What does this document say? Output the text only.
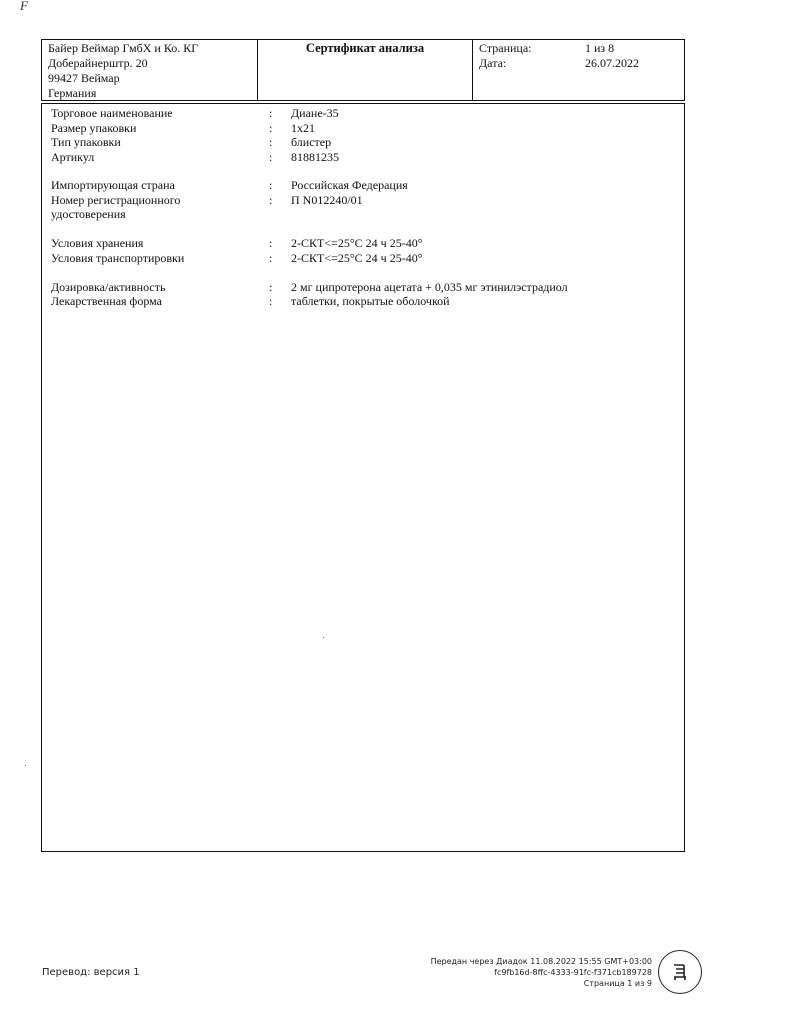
F
Байер Веймар ГмбХ и Ко. КГ
Доберайнерштр. 20
99427 Веймар
Германия
Сертификат анализа	Страница:	1 из 8
Дата:	26.07.2022
Торговое наименование	: Диане-35
Размер упаковки	: 1x21
Тип упаковки	: блистер
Артикул	: 81881235
Импортирующая страна	: Российская Федерация
Номер регистрационного удостоверения
: П N012240/01
Условия хранения	: 2-СКТ<=25°C 24 ч 25-40°
Условия транспортировки	: 2-СКТ<=25°C 24 ч 25-40°
Дозировка/активность	: 2 мг ципротерона ацетата + 0,035 мг этинилэстрадиол
Лекарственная форма	: таблетки, покрытые оболочкой
Перевод: версия 1
Передан через Диадок 11.08.2022 15:55 GMT+03:00
fc9fb16d-8ffc-4333-91fc-f371cb189728
Страница 1 из 9
